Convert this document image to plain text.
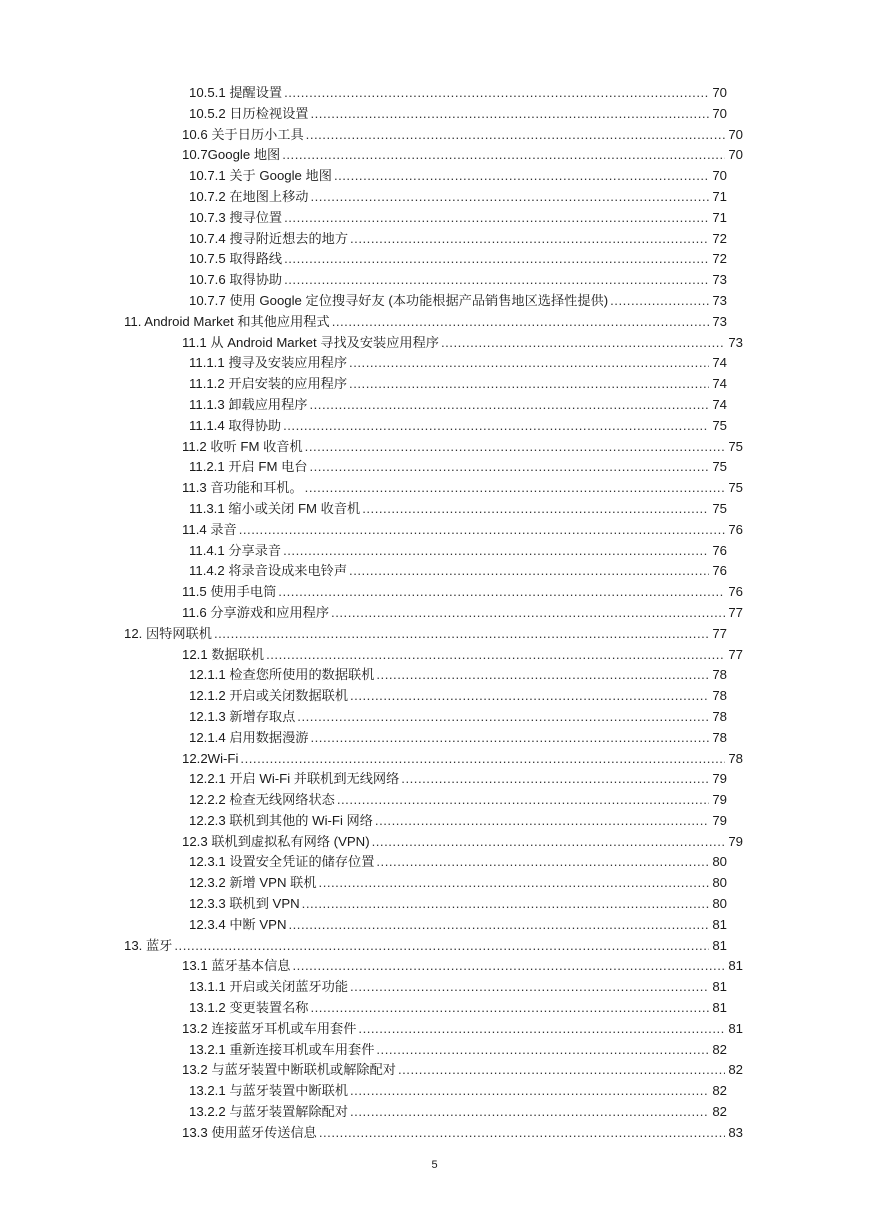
10.5.1 提醒设置 .....	70
10.5.2 日历检视设置 .....	70
10.6 关于日历小工具 .....	70
10.7Google 地图 .....	70
10.7.1 关于 Google 地图 .....	70
10.7.2 在地图上移动 .....	71
10.7.3 搜寻位置 .....	71
10.7.4 搜寻附近想去的地方 .....	72
10.7.5 取得路线 .....	72
10.7.6 取得协助 .....	73
10.7.7 使用 Google 定位搜寻好友 (本功能根据产品销售地区选择性提供) .....	73
11. Android Market 和其他应用程式 .....	73
11.1 从 Android Market 寻找及安装应用程序 .....	73
11.1.1 搜寻及安装应用程序 .....	74
11.1.2 开启安装的应用程序 .....	74
11.1.3 卸载应用程序 .....	74
11.1.4 取得协助 .....	75
11.2 收听 FM 收音机 .....	75
11.2.1 开启 FM 电台 .....	75
11.3 音功能和耳机。 .....	75
11.3.1 缩小或关闭 FM 收音机 .....	75
11.4 录音 .....	76
11.4.1 分享录音 .....	76
11.4.2 将录音设成来电铃声 .....	76
11.5 使用手电筒 .....	76
11.6 分享游戏和应用程序 .....	77
12. 因特网联机 .....	77
12.1 数据联机 .....	77
12.1.1 检查您所使用的数据联机 .....	78
12.1.2 开启或关闭数据联机 .....	78
12.1.3 新增存取点 .....	78
12.1.4 启用数据漫游 .....	78
12.2Wi-Fi .....	78
12.2.1 开启 Wi-Fi 并联机到无线网络 .....	79
12.2.2 检查无线网络状态 .....	79
12.2.3 联机到其他的 Wi-Fi 网络 .....	79
12.3 联机到虚拟私有网络 (VPN) .....	79
12.3.1 设置安全凭证的储存位置 .....	80
12.3.2 新增 VPN 联机 .....	80
12.3.3 联机到 VPN .....	80
12.3.4 中断 VPN .....	81
13. 蓝牙 .....	81
13.1 蓝牙基本信息 .....	81
13.1.1 开启或关闭蓝牙功能 .....	81
13.1.2 变更装置名称 .....	81
13.2 连接蓝牙耳机或车用套件 .....	81
13.2.1 重新连接耳机或车用套件 .....	82
13.2 与蓝牙装置中断联机或解除配对 .....	82
13.2.1 与蓝牙装置中断联机 .....	82
13.2.2 与蓝牙装置解除配对 .....	82
13.3 使用蓝牙传送信息 .....	83
5
